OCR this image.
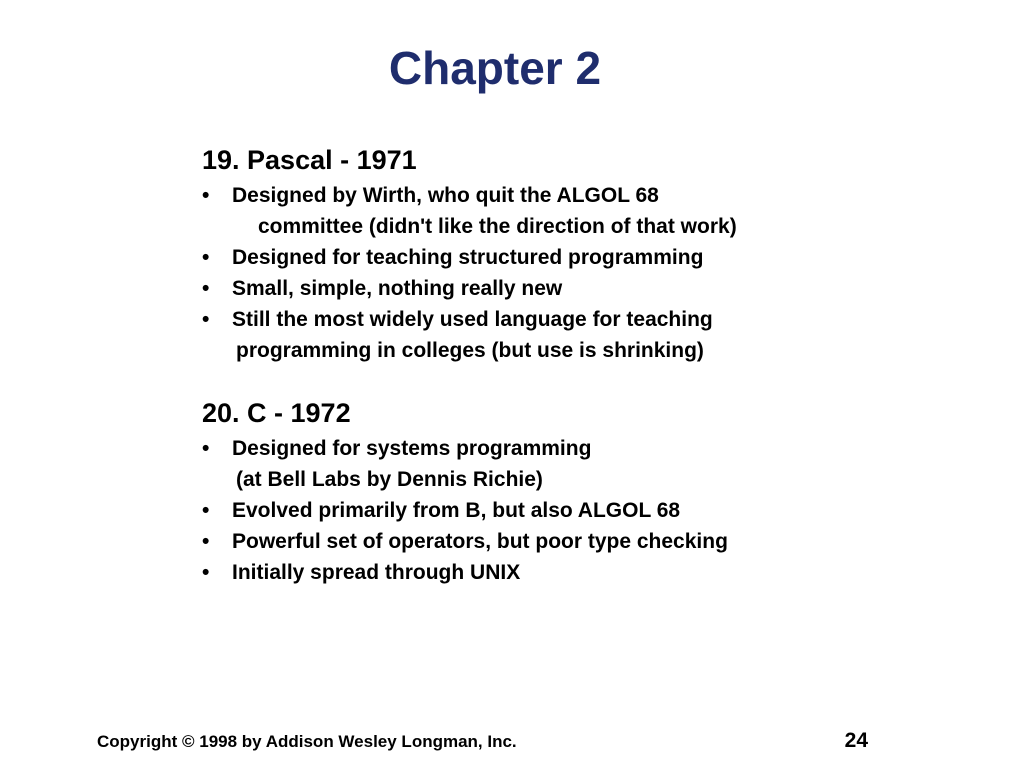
Chapter 2
19. Pascal - 1971
•	Designed by Wirth, who quit the ALGOL 68
committee (didn't like the direction of that work)
•	Designed for teaching structured programming
•	Small, simple, nothing really new
•	Still the most widely used language for teaching
programming in colleges (but use is shrinking)
20. C - 1972
•	Designed for systems programming
(at Bell Labs by Dennis Richie)
•	Evolved primarily from B, but also ALGOL 68
•	Powerful set of operators, but poor type checking
•	Initially spread through UNIX
Copyright © 1998 by Addison Wesley Longman, Inc.	24
